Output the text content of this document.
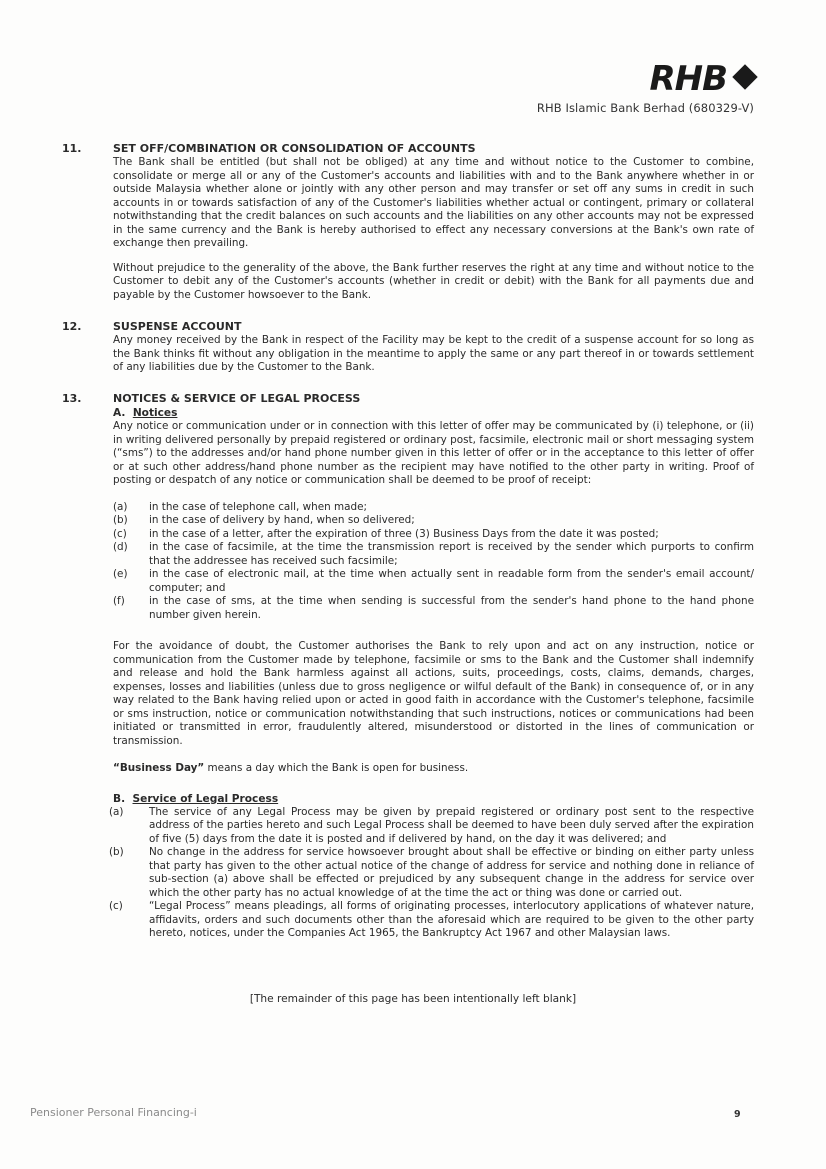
RHB
RHB Islamic Bank Berhad (680329-V)
11.	SET OFF/COMBINATION OR CONSOLIDATION OF ACCOUNTS

The Bank shall be entitled (but shall not be obliged) at any time and without notice to the Customer to combine, consolidate or merge all or any of the Customer's accounts and liabilities with and to the Bank anywhere whether in or outside Malaysia whether alone or jointly with any other person and may transfer or set off any sums in credit in such accounts in or towards satisfaction of any of the Customer's liabilities whether actual or contingent, primary or collateral notwithstanding that the credit balances on such accounts and the liabilities on any other accounts may not be expressed in the same currency and the Bank is hereby authorised to effect any necessary conversions at the Bank's own rate of exchange then prevailing.

Without prejudice to the generality of the above, the Bank further reserves the right at any time and without notice to the Customer to debit any of the Customer's accounts (whether in credit or debit) with the Bank for all payments due and payable by the Customer howsoever to the Bank.

12.	SUSPENSE ACCOUNT

Any money received by the Bank in respect of the Facility may be kept to the credit of a suspense account for so long as the Bank thinks fit without any obligation in the meantime to apply the same or any part thereof in or towards settlement of any liabilities due by the Customer to the Bank.

13.	NOTICES & SERVICE OF LEGAL PROCESS
A. Notices

Any notice or communication under or in connection with this letter of offer may be communicated by (i) telephone, or (ii) in writing delivered personally by prepaid registered or ordinary post, facsimile, electronic mail or short messaging system (“sms”) to the addresses and/or hand phone number given in this letter of offer or in the acceptance to this letter of offer or at such other address/hand phone number as the recipient may have notified to the other party in writing. Proof of posting or despatch of any notice or communication shall be deemed to be proof of receipt:

(a)	in the case of telephone call, when made;
(b)	in the case of delivery by hand, when so delivered;
(c)	in the case of a letter, after the expiration of three (3) Business Days from the date it was posted;
(d)	in the case of facsimile, at the time the transmission report is received by the sender which purports to confirm that the addressee has received such facsimile;
(e)	in the case of electronic mail, at the time when actually sent in readable form from the sender's email account/ computer; and
(f)	in the case of sms, at the time when sending is successful from the sender's hand phone to the hand phone number given herein.

For the avoidance of doubt, the Customer authorises the Bank to rely upon and act on any instruction, notice or communication from the Customer made by telephone, facsimile or sms to the Bank and the Customer shall indemnify and release and hold the Bank harmless against all actions, suits, proceedings, costs, claims, demands, charges, expenses, losses and liabilities (unless due to gross negligence or wilful default of the Bank) in consequence of, or in any way related to the Bank having relied upon or acted in good faith in accordance with the Customer's telephone, facsimile or sms instruction, notice or communication notwithstanding that such instructions, notices or communications had been initiated or transmitted in error, fraudulently altered, misunderstood or distorted in the lines of communication or transmission.

“Business Day” means a day which the Bank is open for business.

B. Service of Legal Process
(a)	The service of any Legal Process may be given by prepaid registered or ordinary post sent to the respective address of the parties hereto and such Legal Process shall be deemed to have been duly served after the expiration of five (5) days from the date it is posted and if delivered by hand, on the day it was delivered; and
(b)	No change in the address for service howsoever brought about shall be effective or binding on either party unless that party has given to the other actual notice of the change of address for service and nothing done in reliance of sub-section (a) above shall be effected or prejudiced by any subsequent change in the address for service over which the other party has no actual knowledge of at the time the act or thing was done or carried out.
(c)	“Legal Process” means pleadings, all forms of originating processes, interlocutory applications of whatever nature, affidavits, orders and such documents other than the aforesaid which are required to be given to the other party hereto, notices, under the Companies Act 1965, the Bankruptcy Act 1967 and other Malaysian laws.
[The remainder of this page has been intentionally left blank]
Pensioner Personal Financing-i	9
